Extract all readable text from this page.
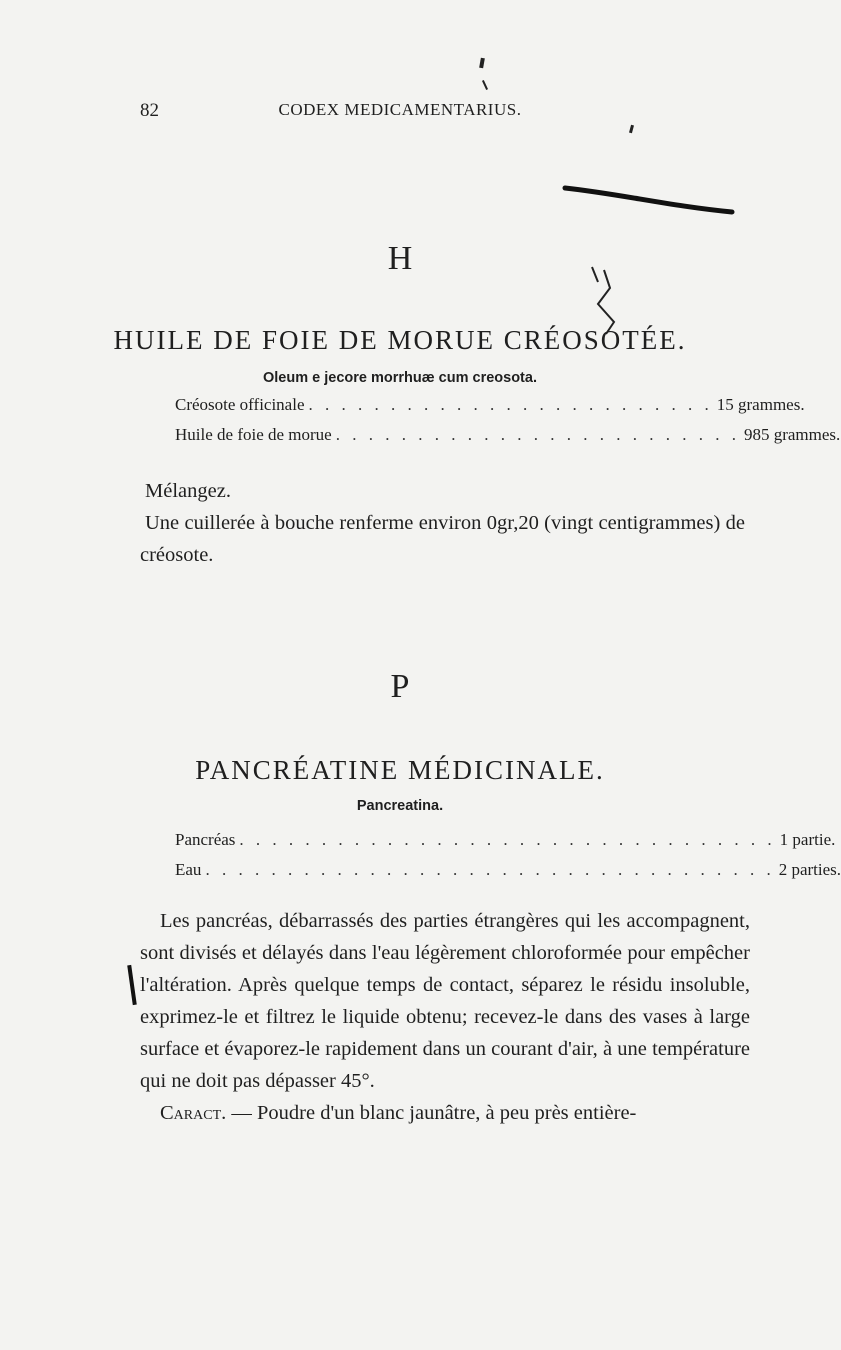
82	CODEX MEDICAMENTARIUS.
H
HUILE DE FOIE DE MORUE CRÉOSOTÉE.
Oleum e jecore morrhuæ cum creosota.
Créosote officinale . . . . . . . . . . . . . . . . . . . . . . . . . 15 grammes.
Huile de foie de morue . . . . . . . . . . . . . . . . . . . . . . . . . 985 grammes.

Mélangez.

Une cuillerée à bouche renferme environ 0gr,20 (vingt centigrammes) de créosote.

P
PANCRÉATINE MÉDICINALE.
Pancreatina.
Pancréas . . . . . . . . . . . . . . . . . . . . . . . . . . . . . . . . . 1 partie.
Eau . . . . . . . . . . . . . . . . . . . . . . . . . . . . . . . . . . . 2 parties.

Les pancréas, débarrassés des parties étrangères qui les accompagnent, sont divisés et délayés dans l'eau légèrement chloroformée pour empêcher l'altération. Après quelque temps de contact, séparez le résidu insoluble, exprimez-le et filtrez le liquide obtenu; recevez-le dans des vases à large surface et évaporez-le rapidement dans un courant d'air, à une température qui ne doit pas dépasser 45°.

Caract. — Poudre d'un blanc jaunâtre, à peu près entière-
